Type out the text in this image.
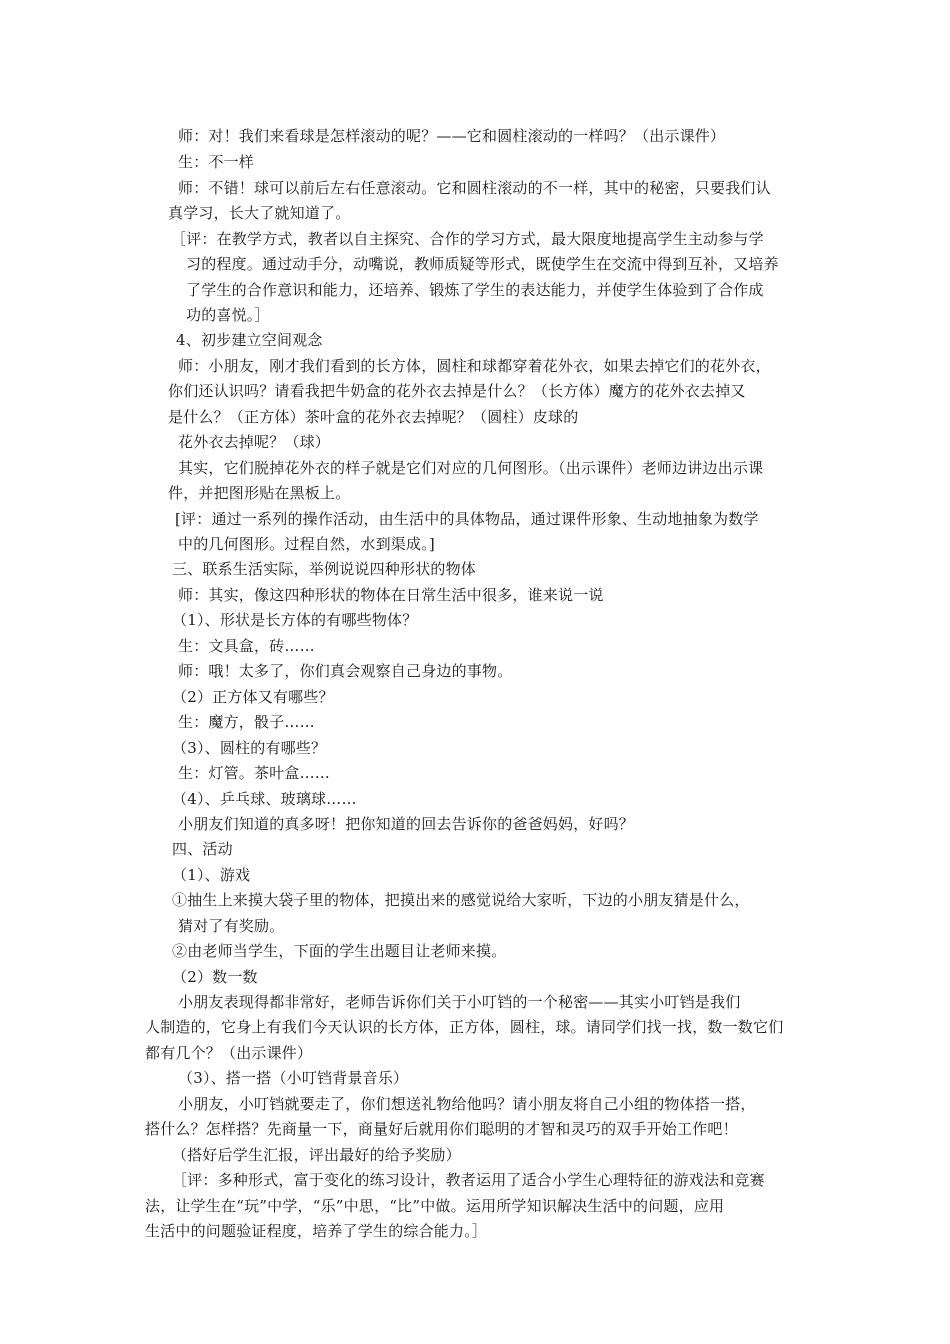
师：对！我们来看球是怎样滚动的呢？——它和圆柱滚动的一样吗？（出示课件）
生：不一样
师：不错！球可以前后左右任意滚动。它和圆柱滚动的不一样，其中的秘密，只要我们认
真学习，长大了就知道了。
［评：在教学方式，教者以自主探究、合作的学习方式，最大限度地提高学生主动参与学
习的程度。通过动手分，动嘴说，教师质疑等形式，既使学生在交流中得到互补，又培养
了学生的合作意识和能力，还培养、锻炼了学生的表达能力，并使学生体验到了合作成
功的喜悦。］
4、初步建立空间观念
师：小朋友，刚才我们看到的长方体，圆柱和球都穿着花外衣，如果去掉它们的花外衣，
你们还认识吗？请看我把牛奶盒的花外衣去掉是什么？（长方体）魔方的花外衣去掉又
是什么？（正方体）茶叶盒的花外衣去掉呢？（圆柱）皮球的
花外衣去掉呢？（球）
其实，它们脱掉花外衣的样子就是它们对应的几何图形。（出示课件）老师边讲边出示课
件，并把图形贴在黑板上。
[评：通过一系列的操作活动，由生活中的具体物品，通过课件形象、生动地抽象为数学
中的几何图形。过程自然，水到渠成。]
三、联系生活实际，举例说说四种形状的物体
师：其实，像这四种形状的物体在日常生活中很多，谁来说一说
（1）、形状是长方体的有哪些物体？
生：文具盒，砖……
师：哦！太多了，你们真会观察自己身边的事物。
（2）正方体又有哪些？
生：魔方，骰子……
（3）、圆柱的有哪些？
生：灯管。茶叶盒……
（4）、乒乓球、玻璃球……
小朋友们知道的真多呀！把你知道的回去告诉你的爸爸妈妈，好吗？
四、活动
（1）、游戏
①抽生上来摸大袋子里的物体，把摸出来的感觉说给大家听，下边的小朋友猜是什么，
猜对了有奖励。
②由老师当学生，下面的学生出题目让老师来摸。
（2）数一数
小朋友表现得都非常好，老师告诉你们关于小叮铛的一个秘密——其实小叮铛是我们
人制造的，它身上有我们今天认识的长方体，正方体，圆柱，球。请同学们找一找，数一数它们
都有几个？（出示课件）
（3）、搭一搭（小叮铛背景音乐）
小朋友，小叮铛就要走了，你们想送礼物给他吗？请小朋友将自己小组的物体搭一搭，
搭什么？怎样搭？先商量一下，商量好后就用你们聪明的才智和灵巧的双手开始工作吧！
（搭好后学生汇报，评出最好的给予奖励）
［评：多种形式，富于变化的练习设计，教者运用了适合小学生心理特征的游戏法和竞赛
法，让学生在“玩”中学，“乐”中思，“比”中做。运用所学知识解决生活中的问题，应用
生活中的问题验证程度，培养了学生的综合能力。］
